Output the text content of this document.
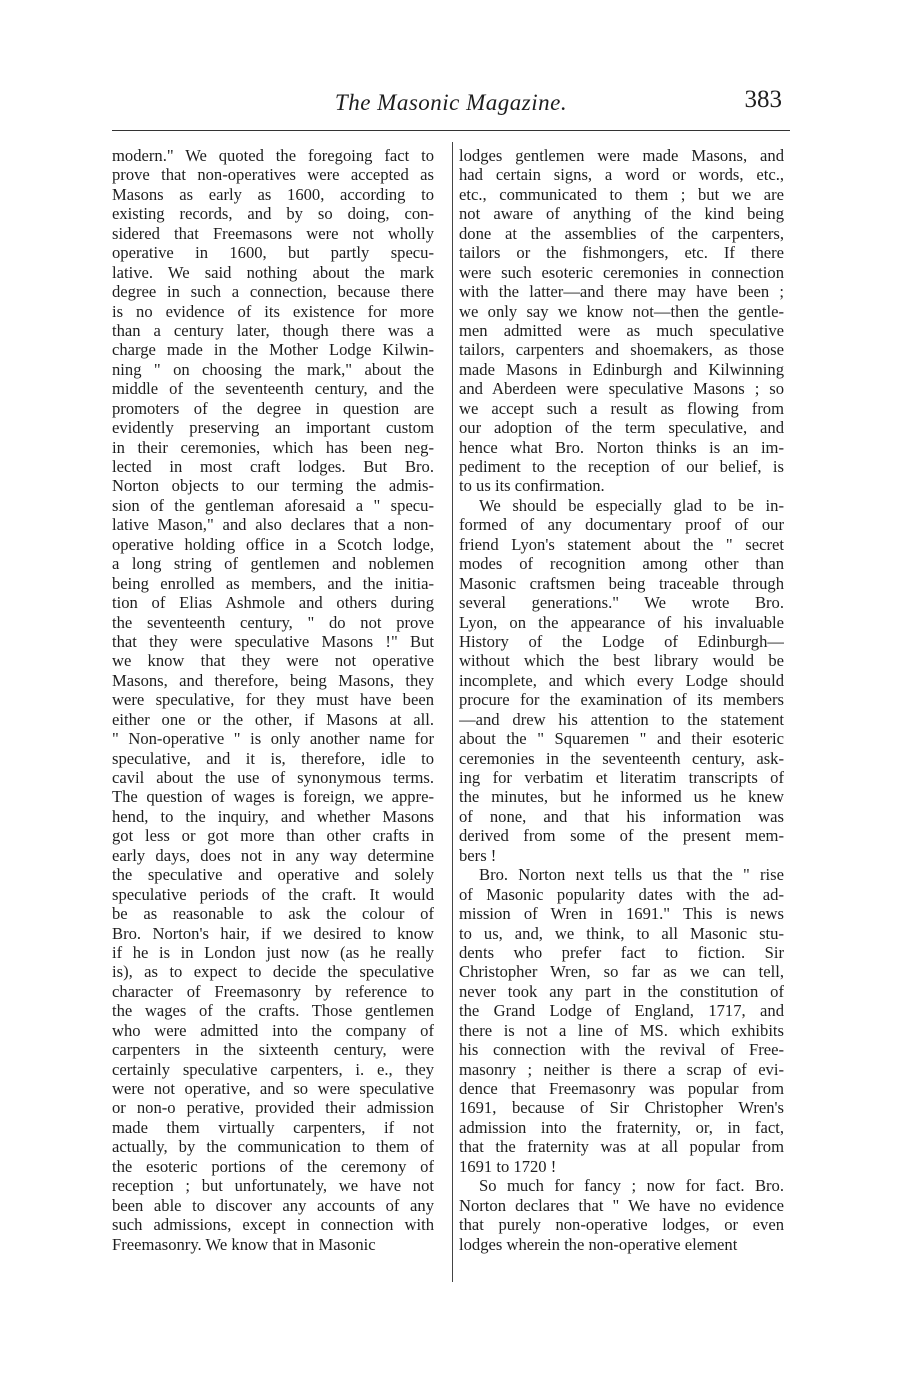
The Masonic Magazine.	383
modern." We quoted the foregoing fact to
prove that non-operatives were accepted as
Masons as early as 1600, according to
existing records, and by so doing, con-
sidered that Freemasons were not wholly
operative in 1600, but partly specu-
lative. We said nothing about the mark
degree in such a connection, because there
is no evidence of its existence for more
than a century later, though there was a
charge made in the Mother Lodge Kilwin-
ning " on choosing the mark," about the
middle of the seventeenth century, and the
promoters of the degree in question are
evidently preserving an important custom
in their ceremonies, which has been neg-
lected in most craft lodges. But Bro.
Norton objects to our terming the admis-
sion of the gentleman aforesaid a " specu-
lative Mason," and also declares that a non-
operative holding office in a Scotch lodge,
a long string of gentlemen and noblemen
being enrolled as members, and the initia-
tion of Elias Ashmole and others during
the seventeenth century, " do not prove
that they were speculative Masons !" But
we know that they were not operative
Masons, and therefore, being Masons, they
were speculative, for they must have been
either one or the other, if Masons at all.
" Non-operative " is only another name for
speculative, and it is, therefore, idle to
cavil about the use of synonymous terms.
The question of wages is foreign, we appre-
hend, to the inquiry, and whether Masons
got less or got more than other crafts in
early days, does not in any way determine
the speculative and operative and solely
speculative periods of the craft. It would
be as reasonable to ask the colour of
Bro. Norton's hair, if we desired to know
if he is in London just now (as he really
is), as to expect to decide the speculative
character of Freemasonry by reference to
the wages of the crafts. Those gentlemen
who were admitted into the company of
carpenters in the sixteenth century, were
certainly speculative carpenters, i. e., they
were not operative, and so were speculative
or non-o perative, provided their admission
made them virtually carpenters, if not
actually, by the communication to them of
the esoteric portions of the ceremony of
reception ; but unfortunately, we have not
been able to discover any accounts of any
such admissions, except in connection with
Freemasonry. We know that in Masonic
lodges gentlemen were made Masons, and
had certain signs, a word or words, etc.,
etc., communicated to them ; but we are
not aware of anything of the kind being
done at the assemblies of the carpenters,
tailors or the fishmongers, etc. If there
were such esoteric ceremonies in connection
with the latter—and there may have been ;
we only say we know not—then the gentle-
men admitted were as much speculative
tailors, carpenters and shoemakers, as those
made Masons in Edinburgh and Kilwinning
and Aberdeen were speculative Masons ; so
we accept such a result as flowing from
our adoption of the term speculative, and
hence what Bro. Norton thinks is an im-
pediment to the reception of our belief, is
to us its confirmation.
We should be especially glad to be in-
formed of any documentary proof of our
friend Lyon's statement about the " secret
modes of recognition among other than
Masonic craftsmen being traceable through
several generations." We wrote Bro.
Lyon, on the appearance of his invaluable
History of the Lodge of Edinburgh—
without which the best library would be
incomplete, and which every Lodge should
procure for the examination of its members
—and drew his attention to the statement
about the " Squaremen " and their esoteric
ceremonies in the seventeenth century, ask-
ing for verbatim et literatim transcripts of
the minutes, but he informed us he knew
of none, and that his information was
derived from some of the present mem-
bers !
Bro. Norton next tells us that the " rise
of Masonic popularity dates with the ad-
mission of Wren in 1691." This is news
to us, and, we think, to all Masonic stu-
dents who prefer fact to fiction. Sir
Christopher Wren, so far as we can tell,
never took any part in the constitution of
the Grand Lodge of England, 1717, and
there is not a line of MS. which exhibits
his connection with the revival of Free-
masonry ; neither is there a scrap of evi-
dence that Freemasonry was popular from
1691, because of Sir Christopher Wren's
admission into the fraternity, or, in fact,
that the fraternity was at all popular from
1691 to 1720 !
So much for fancy ; now for fact. Bro.
Norton declares that " We have no evidence
that purely non-operative lodges, or even
lodges wherein the non-operative element
